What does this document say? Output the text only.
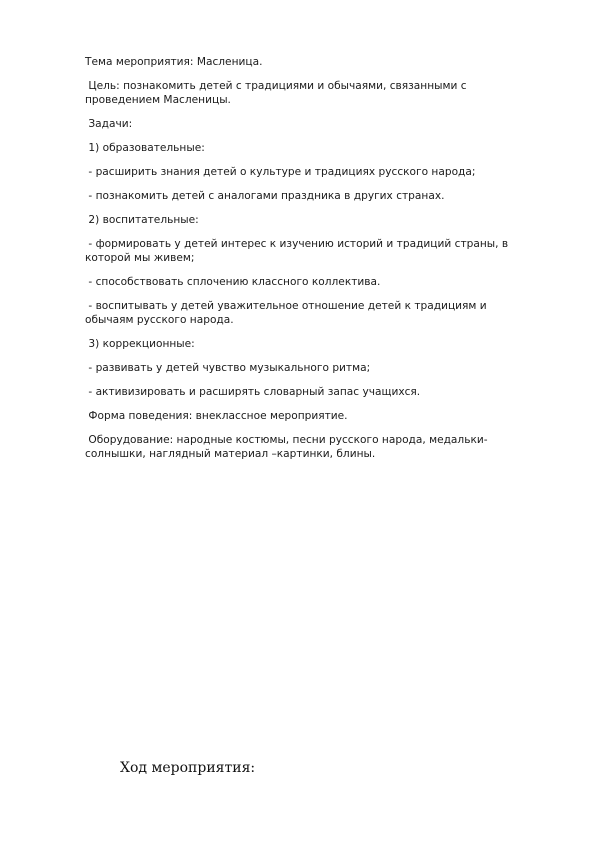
Тема мероприятия: Масленица.

Цель: познакомить детей с традициями и обычаями, связанными с проведением Масленицы.

Задачи:

1) образовательные:

- расширить знания детей о культуре и традициях русского народа;

- познакомить детей с аналогами праздника в других странах.

2) воспитательные:

- формировать у детей интерес к изучению историй и традиций страны, в которой мы живем;

- способствовать сплочению классного коллектива.

- воспитывать у детей уважительное отношение детей к традициям и обычаям русского народа.

3) коррекционные:

- развивать у детей чувство музыкального ритма;

- активизировать и расширять словарный запас учащихся.

Форма поведения: внеклассное мероприятие.

Оборудование: народные костюмы, песни русского народа, медальки-солнышки, наглядный материал –картинки, блины.

Ход мероприятия:
